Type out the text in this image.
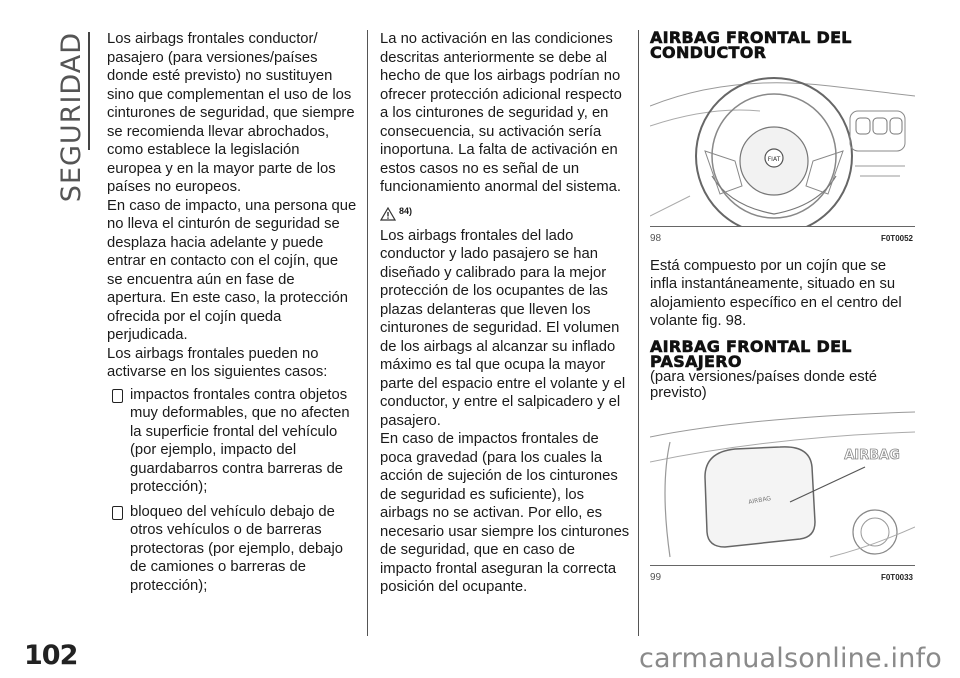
SEGURIDAD
102

Los airbags frontales conductor/ pasajero (para versiones/países donde esté previsto) no sustituyen sino que complementan el uso de los cinturones de seguridad, que siempre se recomienda llevar abrochados, como establece la legislación europea y en la mayor parte de los países no europeos.

En caso de impacto, una persona que no lleva el cinturón de seguridad se desplaza hacia adelante y puede entrar en contacto con el cojín, que se encuentra aún en fase de apertura. En este caso, la protección ofrecida por el cojín queda perjudicada.

Los airbags frontales pueden no activarse en los siguientes casos:

impactos frontales contra objetos muy deformables, que no afecten la superficie frontal del vehículo (por ejemplo, impacto del guardabarros contra barreras de protección);
bloqueo del vehículo debajo de otros vehículos o de barreras protectoras (por ejemplo, debajo de camiones o barreras de protección);

La no activación en las condiciones descritas anteriormente se debe al hecho de que los airbags podrían no ofrecer protección adicional respecto a los cinturones de seguridad y, en consecuencia, su activación sería inoportuna. La falta de activación en estos casos no es señal de un funcionamiento anormal del sistema.

84)

Los airbags frontales del lado conductor y lado pasajero se han diseñado y calibrado para la mejor protección de los ocupantes de las plazas delanteras que lleven los cinturones de seguridad. El volumen de los airbags al alcanzar su inflado máximo es tal que ocupa la mayor parte del espacio entre el volante y el conductor, y entre el salpicadero y el pasajero.

En caso de impactos frontales de poca gravedad (para los cuales la acción de sujeción de los cinturones de seguridad es suficiente), los airbags no se activan. Por ello, es necesario usar siempre los cinturones de seguridad, que en caso de impacto frontal aseguran la correcta posición del ocupante.

AIRBAG FRONTAL DEL CONDUCTOR
FIAT
98	F0T0052

Está compuesto por un cojín que se infla instantáneamente, situado en su alojamiento específico en el centro del volante fig. 98.

AIRBAG FRONTAL DEL PASAJERO

(para versiones/países donde esté previsto)

AIRBAG
AIRBAG
99	F0T0033
carmanualsonline.info
